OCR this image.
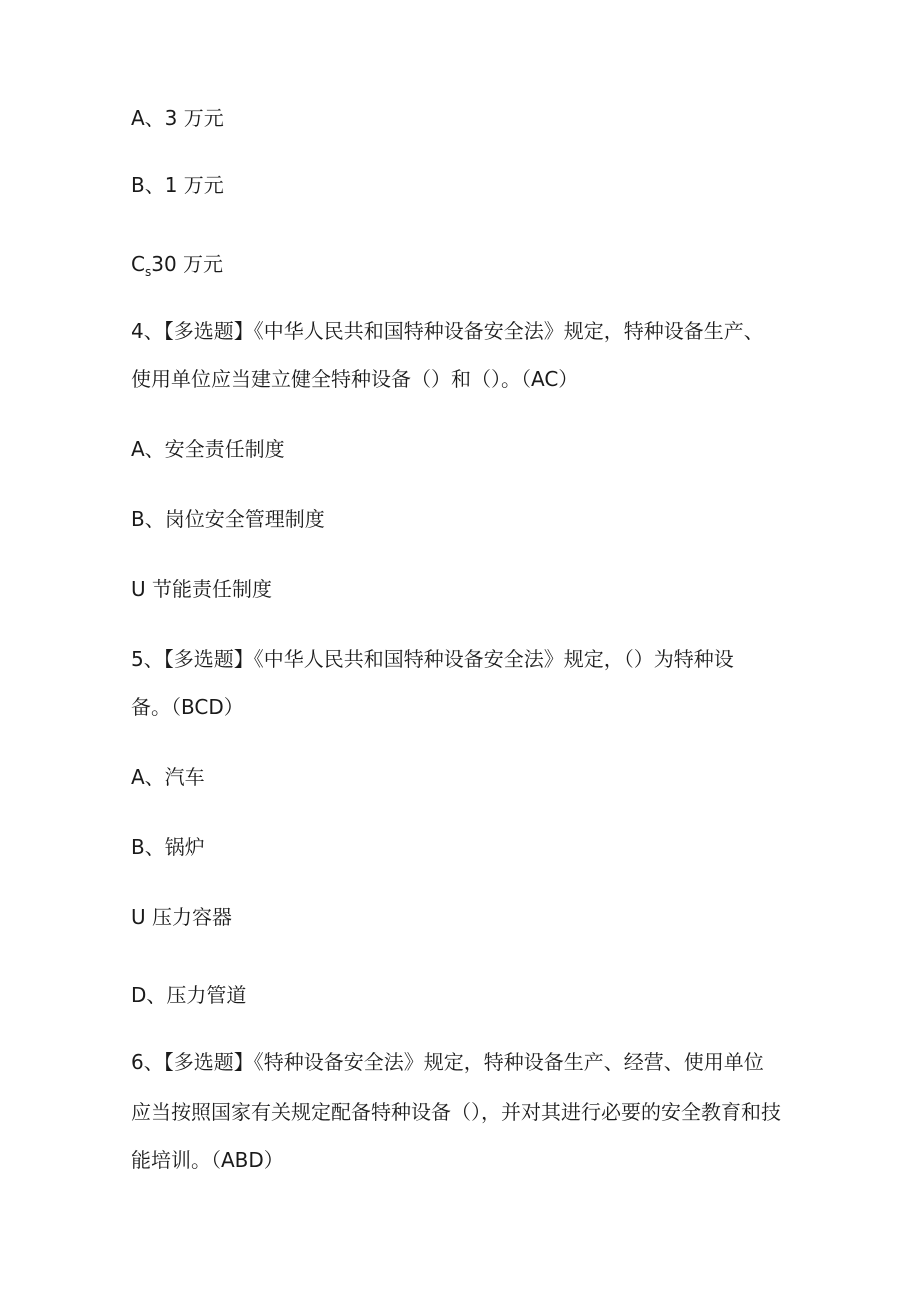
A、3 万元
B、1 万元
$C_s30$ 万元
4、【多选题】《中华人民共和国特种设备安全法》规定，特种设备生产、
使用单位应当建立健全特种设备（）和（）。（AC）
A、安全责任制度
B、岗位安全管理制度
U 节能责任制度
5、【多选题】《中华人民共和国特种设备安全法》规定，（）为特种设
备。（BCD）
A、汽车
B、锅炉
U 压力容器
D、压力管道
6、【多选题】《特种设备安全法》规定，特种设备生产、经营、使用单位
应当按照国家有关规定配备特种设备（），并对其进行必要的安全教育和技
能培训。（ABD）
